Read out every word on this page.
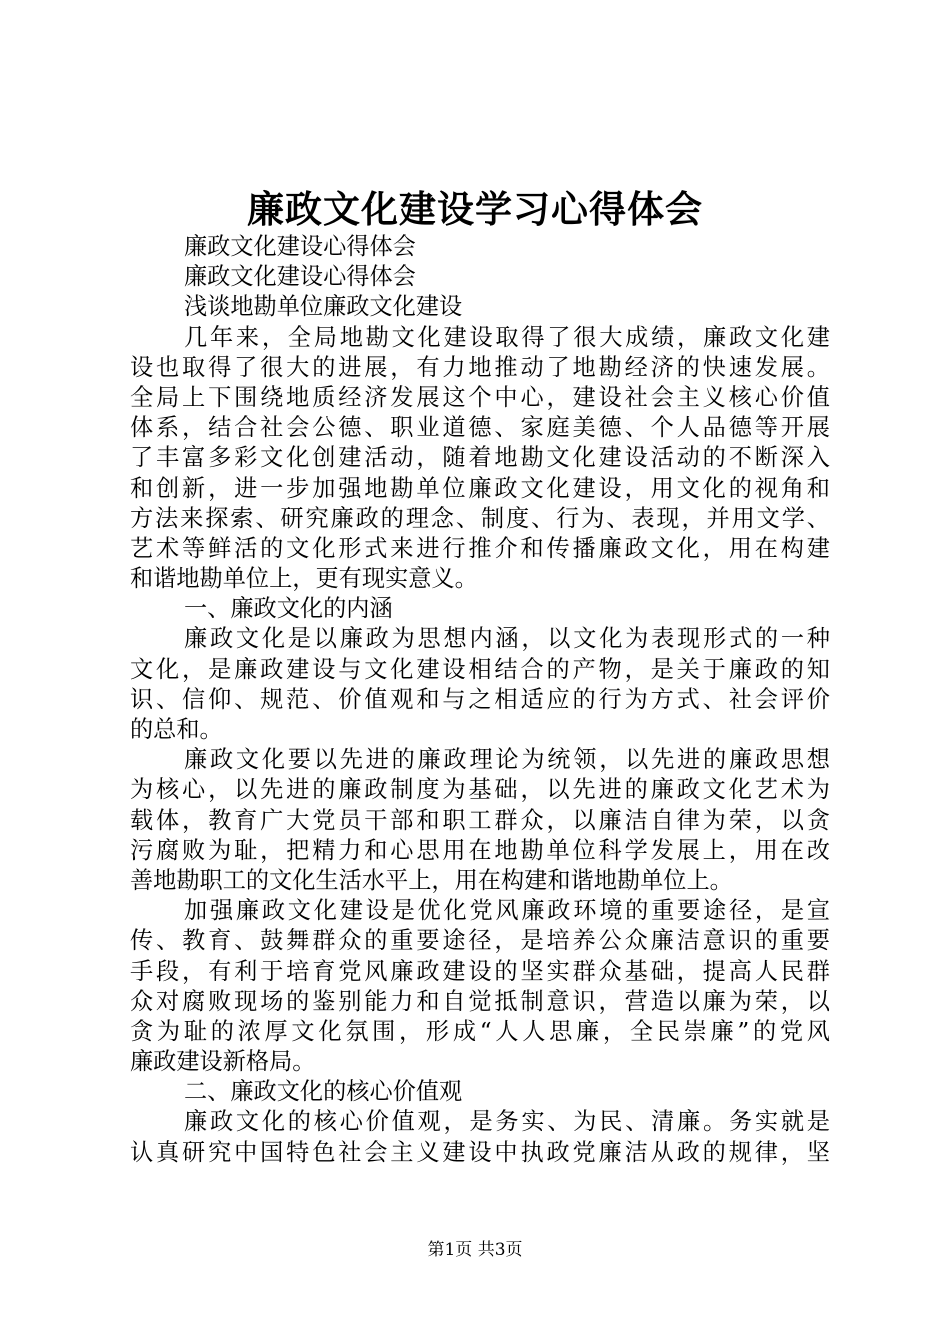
廉政文化建设学习心得体会
廉政文化建设心得体会
廉政文化建设心得体会
浅谈地勘单位廉政文化建设
几年来，全局地勘文化建设取得了很大成绩，廉政文化建
设也取得了很大的进展，有力地推动了地勘经济的快速发展。
全局上下围绕地质经济发展这个中心，建设社会主义核心价值
体系，结合社会公德、职业道德、家庭美德、个人品德等开展
了丰富多彩文化创建活动，随着地勘文化建设活动的不断深入
和创新，进一步加强地勘单位廉政文化建设，用文化的视角和
方法来探索、研究廉政的理念、制度、行为、表现，并用文学、
艺术等鲜活的文化形式来进行推介和传播廉政文化，用在构建
和谐地勘单位上，更有现实意义。
一、廉政文化的内涵
廉政文化是以廉政为思想内涵，以文化为表现形式的一种
文化，是廉政建设与文化建设相结合的产物，是关于廉政的知
识、信仰、规范、价值观和与之相适应的行为方式、社会评价
的总和。
廉政文化要以先进的廉政理论为统领，以先进的廉政思想
为核心，以先进的廉政制度为基础，以先进的廉政文化艺术为
载体，教育广大党员干部和职工群众，以廉洁自律为荣，以贪
污腐败为耻，把精力和心思用在地勘单位科学发展上，用在改
善地勘职工的文化生活水平上，用在构建和谐地勘单位上。
加强廉政文化建设是优化党风廉政环境的重要途径，是宣
传、教育、鼓舞群众的重要途径，是培养公众廉洁意识的重要
手段，有利于培育党风廉政建设的坚实群众基础，提高人民群
众对腐败现场的鉴别能力和自觉抵制意识，营造以廉为荣，以
贪为耻的浓厚文化氛围，形成“人人思廉，全民崇廉”的党风
廉政建设新格局。
二、廉政文化的核心价值观
廉政文化的核心价值观，是务实、为民、清廉。务实就是
认真研究中国特色社会主义建设中执政党廉洁从政的规律，坚
第1页 共3页
